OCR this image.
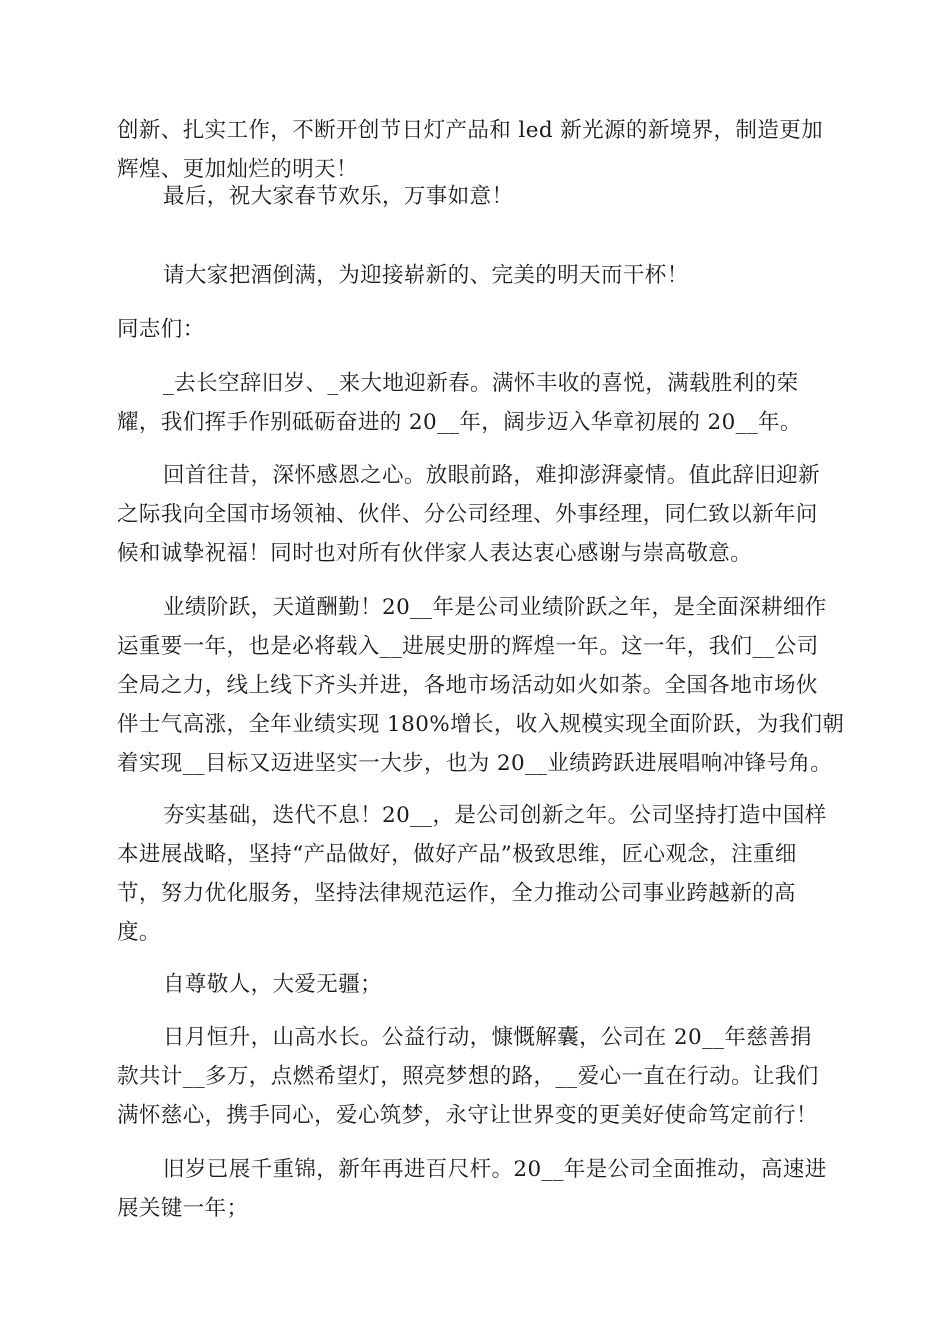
创新、扎实工作，不断开创节日灯产品和 led 新光源的新境界，制造更加
辉煌、更加灿烂的明天！
最后，祝大家春节欢乐，万事如意！
请大家把酒倒满，为迎接崭新的、完美的明天而干杯！
同志们：
_去长空辞旧岁、_来大地迎新春。满怀丰收的喜悦，满载胜利的荣
耀，我们挥手作别砥砺奋进的 20__年，阔步迈入华章初展的 20__年。
回首往昔，深怀感恩之心。放眼前路，难抑澎湃豪情。值此辞旧迎新
之际我向全国市场领袖、伙伴、分公司经理、外事经理，同仁致以新年问
候和诚挚祝福！同时也对所有伙伴家人表达衷心感谢与崇高敬意。
业绩阶跃，天道酬勤！20__年是公司业绩阶跃之年，是全面深耕细作
运重要一年，也是必将载入__进展史册的辉煌一年。这一年，我们__公司
全局之力，线上线下齐头并进，各地市场活动如火如荼。全国各地市场伙
伴士气高涨，全年业绩实现 180%增长，收入规模实现全面阶跃，为我们朝
着实现__目标又迈进坚实一大步，也为 20__业绩跨跃进展唱响冲锋号角。
夯实基础，迭代不息！20__，是公司创新之年。公司坚持打造中国样
本进展战略，坚持“产品做好，做好产品”极致思维，匠心观念，注重细
节，努力优化服务，坚持法律规范运作，全力推动公司事业跨越新的高
度。
自尊敬人，大爱无疆；
日月恒升，山高水长。公益行动，慷慨解囊，公司在 20__年慈善捐
款共计__多万，点燃希望灯，照亮梦想的路，__爱心一直在行动。让我们
满怀慈心，携手同心，爱心筑梦，永守让世界变的更美好使命笃定前行！
旧岁已展千重锦，新年再进百尺杆。20__年是公司全面推动，高速进
展关键一年；
